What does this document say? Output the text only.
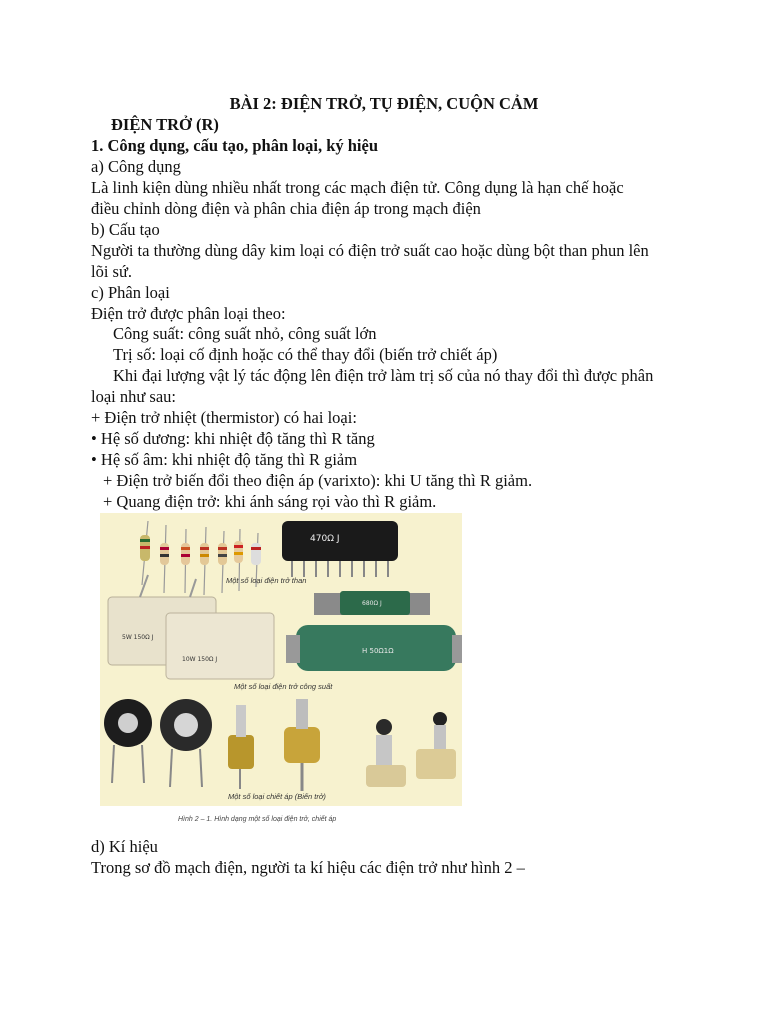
BÀI 2: ĐIỆN TRỞ, TỤ ĐIỆN, CUỘN CẢM
ĐIỆN TRỞ (R)
1. Công dụng, cấu tạo, phân loại, ký hiệu
a) Công dụng
Là linh kiện dùng nhiều nhất trong các mạch điện tử. Công dụng là hạn chế hoặc
điều chỉnh dòng điện và phân chia điện áp trong mạch điện
b) Cấu tạo
Người ta thường dùng dây kim loại có điện trở suất cao hoặc dùng bột than phun lên
lõi sứ.
c) Phân loại
Điện trở được phân loại theo:
Công suất: công suất nhỏ, công suất lớn
Trị số: loại cố định hoặc có thể thay đổi (biến trở chiết áp)
Khi đại lượng vật lý tác động lên điện trở làm trị số của nó thay đổi thì được phân
loại như sau:
+ Điện trở nhiệt (thermistor) có hai loại:
• Hệ số dương: khi nhiệt độ tăng thì R tăng
• Hệ số âm: khi nhiệt độ tăng thì R giảm
+ Điện trở biến đổi theo điện áp (varixto): khi U tăng thì R giảm.
+ Quang điện trở: khi ánh sáng rọi vào thì R giảm.
470Ω J
5W 150Ω J
10W 150Ω J
680Ω J
H 50Ω1Ω
Một số loại điện trở than
Một số loại điện trở công suất
Một số loại chiết áp (Biến trở)
Hình 2 – 1. Hình dạng một số loại điện trở, chiết áp
d) Kí hiệu
Trong sơ đồ mạch điện, người ta kí hiệu các điện trở như hình 2 –
